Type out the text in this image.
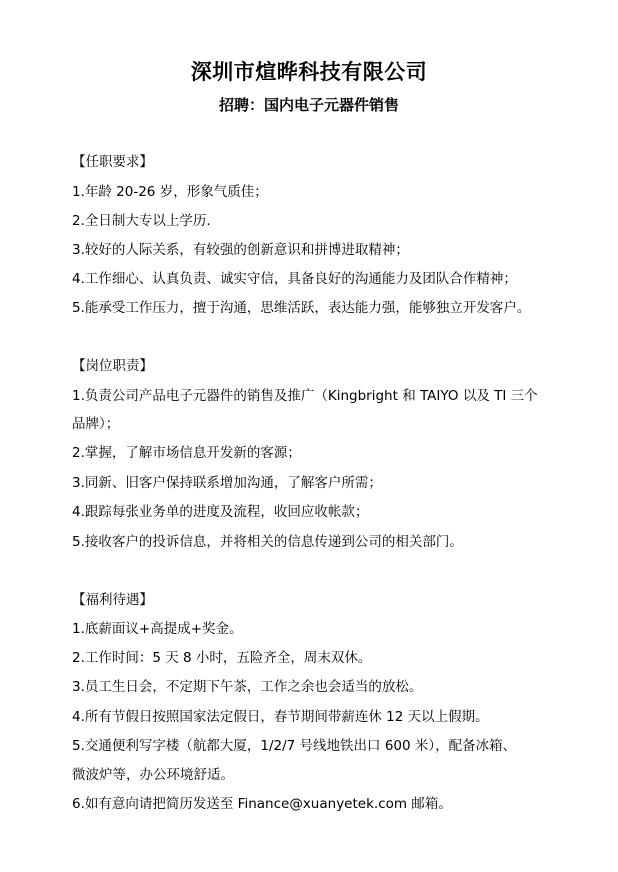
深圳市煊晔科技有限公司
招聘：国内电子元器件销售
【任职要求】
1.年龄 20-26 岁，形象气质佳；
2.全日制大专以上学历.
3.较好的人际关系，有较强的创新意识和拼博进取精神；
4.工作细心、认真负责、诚实守信，具备良好的沟通能力及团队合作精神；
5.能承受工作压力，擅于沟通，思维活跃，表达能力强，能够独立开发客户。
【岗位职责】
1.负责公司产品电子元器件的销售及推广（Kingbright 和 TAIYO 以及 TI 三个
品牌）；
2.掌握，了解市场信息开发新的客源；
3.同新、旧客户保持联系增加沟通，了解客户所需；
4.跟踪每张业务单的进度及流程，收回应收帐款；
5.接收客户的投诉信息，并将相关的信息传递到公司的相关部门。
【福利待遇】
1.底薪面议+高提成+奖金。
2.工作时间：5 天 8 小时，五险齐全，周末双休。
3.员工生日会，不定期下午茶，工作之余也会适当的放松。
4.所有节假日按照国家法定假日，春节期间带薪连休 12 天以上假期。
5.交通便利写字楼（航都大厦，1/2/7 号线地铁出口 600 米），配备冰箱、
微波炉等，办公环境舒适。
6.如有意向请把简历发送至 Finance@xuanyetek.com 邮箱。
